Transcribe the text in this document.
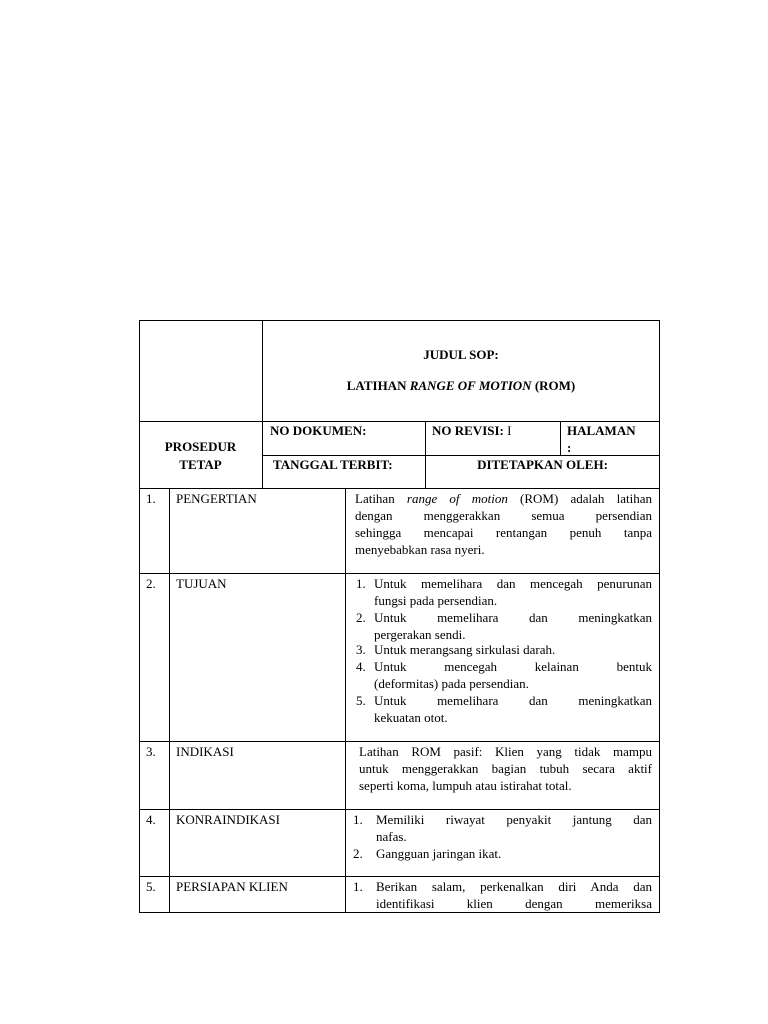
JUDUL SOP:
LATIHAN RANGE OF MOTION (ROM)
PROSEDUR
TETAP
NO DOKUMEN:	NO REVISI: I	HALAMAN
:
TANGGAL TERBIT:	DITETAPKAN OLEH:
1. PENGERTIAN	Latihan range of motion (ROM) adalah latihan
dengan menggerakkan semua persendian
sehingga mencapai rentangan penuh tanpa
menyebabkan rasa nyeri.
2. TUJUAN	1. Untuk memelihara dan mencegah penurunan
fungsi pada persendian.
2. Untuk memelihara dan meningkatkan
pergerakan sendi.
3. Untuk merangsang sirkulasi darah.
4. Untuk mencegah kelainan bentuk
(deformitas) pada persendian.
5. Untuk memelihara dan meningkatkan
kekuatan otot.
3. INDIKASI	Latihan ROM pasif: Klien yang tidak mampu
untuk menggerakkan bagian tubuh secara aktif
seperti koma, lumpuh atau istirahat total.
4. KONRAINDIKASI	1. Memiliki riwayat penyakit jantung dan
nafas.
2. Gangguan jaringan ikat.
5. PERSIAPAN KLIEN	1. Berikan salam, perkenalkan diri Anda dan
identifikasi klien dengan memeriksa
